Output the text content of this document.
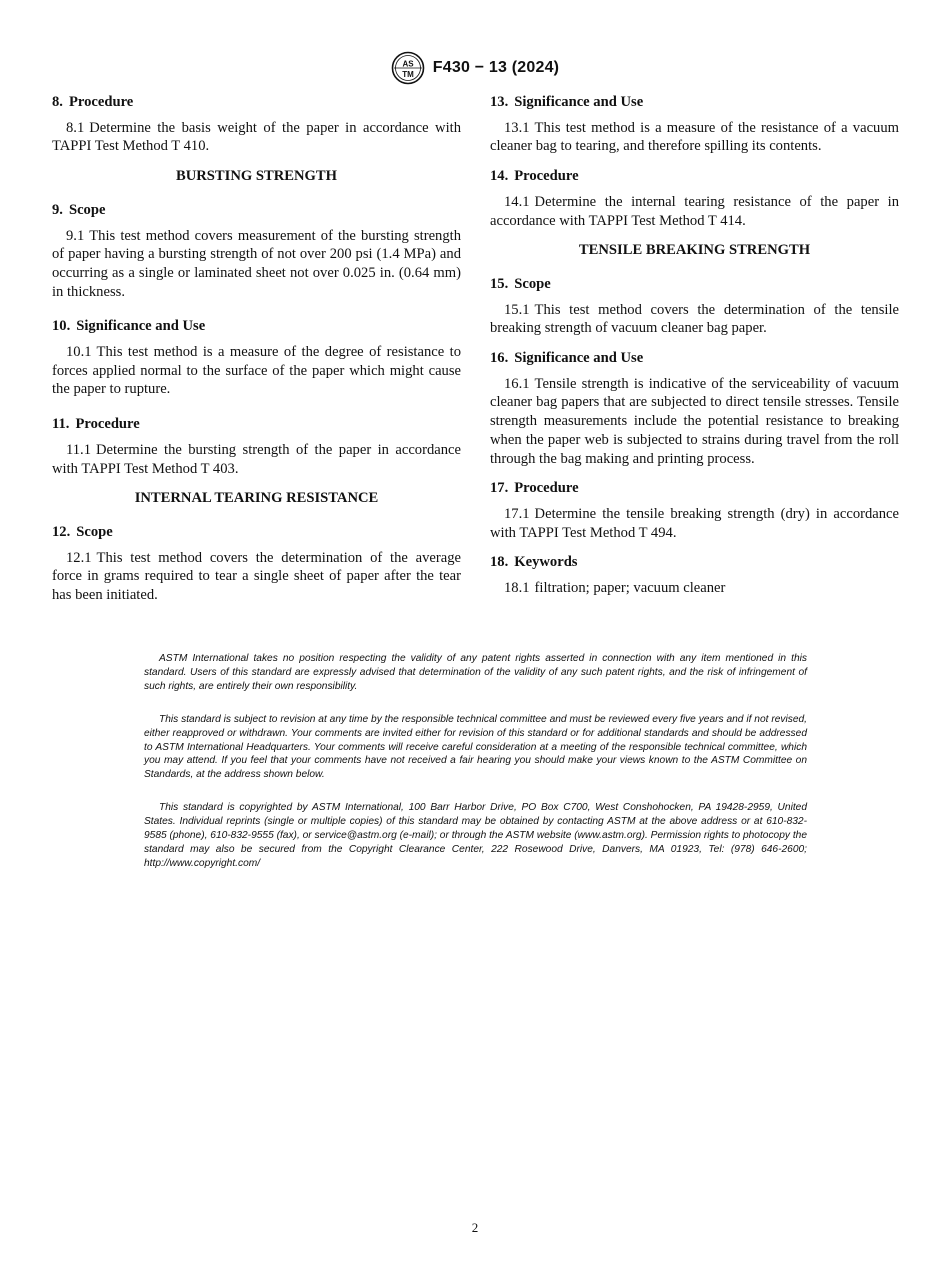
AS
TM F430 − 13 (2024)
8. Procedure

8.1 Determine the basis weight of the paper in accordance with TAPPI Test Method T 410.

BURSTING STRENGTH
9. Scope

9.1 This test method covers measurement of the bursting strength of paper having a bursting strength of not over 200 psi (1.4 MPa) and occurring as a single or laminated sheet not over 0.025 in. (0.64 mm) in thickness.

10. Significance and Use

10.1 This test method is a measure of the degree of resistance to forces applied normal to the surface of the paper which might cause the paper to rupture.

11. Procedure

11.1 Determine the bursting strength of the paper in accordance with TAPPI Test Method T 403.

INTERNAL TEARING RESISTANCE
12. Scope

12.1 This test method covers the determination of the average force in grams required to tear a single sheet of paper after the tear has been initiated.

13. Significance and Use

13.1 This test method is a measure of the resistance of a vacuum cleaner bag to tearing, and therefore spilling its contents.

14. Procedure

14.1 Determine the internal tearing resistance of the paper in accordance with TAPPI Test Method T 414.

TENSILE BREAKING STRENGTH
15. Scope

15.1 This test method covers the determination of the tensile breaking strength of vacuum cleaner bag paper.

16. Significance and Use

16.1 Tensile strength is indicative of the serviceability of vacuum cleaner bag papers that are subjected to direct tensile stresses. Tensile strength measurements include the potential resistance to breaking when the paper web is subjected to strains during travel from the roll through the bag making and printing process.

17. Procedure

17.1 Determine the tensile breaking strength (dry) in accordance with TAPPI Test Method T 494.

18. Keywords

18.1 filtration; paper; vacuum cleaner

ASTM International takes no position respecting the validity of any patent rights asserted in connection with any item mentioned in this standard. Users of this standard are expressly advised that determination of the validity of any such patent rights, and the risk of infringement of such rights, are entirely their own responsibility.

This standard is subject to revision at any time by the responsible technical committee and must be reviewed every five years and if not revised, either reapproved or withdrawn. Your comments are invited either for revision of this standard or for additional standards and should be addressed to ASTM International Headquarters. Your comments will receive careful consideration at a meeting of the responsible technical committee, which you may attend. If you feel that your comments have not received a fair hearing you should make your views known to the ASTM Committee on Standards, at the address shown below.

This standard is copyrighted by ASTM International, 100 Barr Harbor Drive, PO Box C700, West Conshohocken, PA 19428-2959, United States. Individual reprints (single or multiple copies) of this standard may be obtained by contacting ASTM at the above address or at 610-832-9585 (phone), 610-832-9555 (fax), or service@astm.org (e-mail); or through the ASTM website (www.astm.org). Permission rights to photocopy the standard may also be secured from the Copyright Clearance Center, 222 Rosewood Drive, Danvers, MA 01923, Tel: (978) 646-2600; http://www.copyright.com/

2
